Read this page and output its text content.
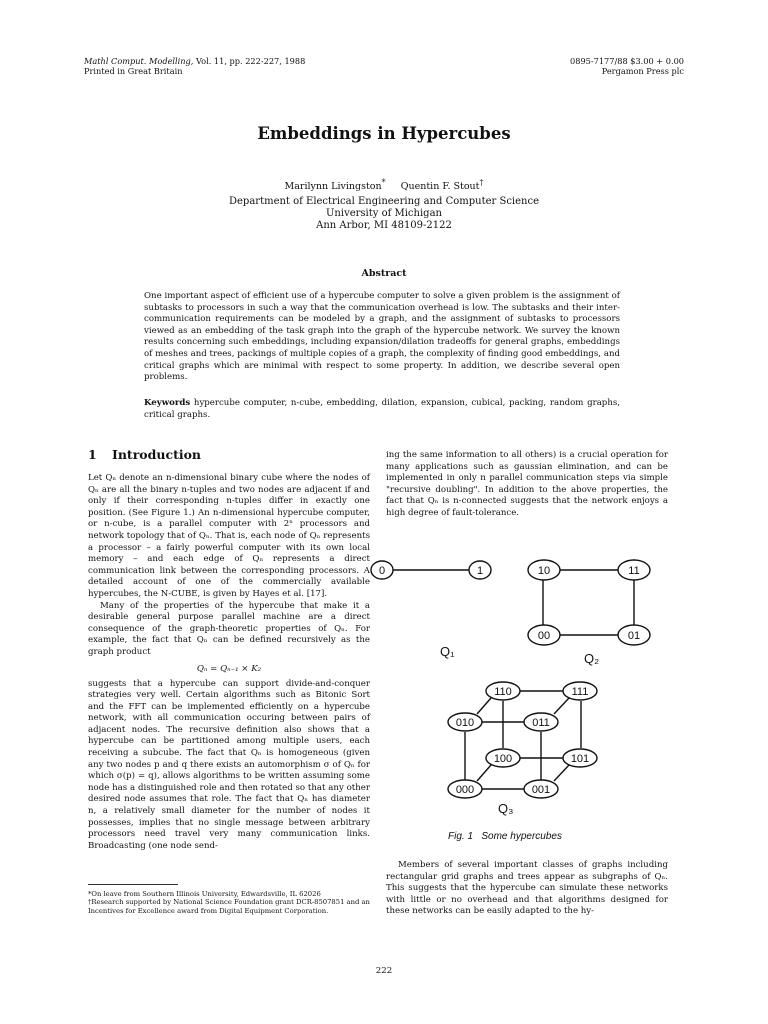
Mathl Comput. Modelling, Vol. 11, pp. 222-227, 1988
Printed in Great Britain
0895-7177/88 $3.00 + 0.00
Pergamon Press plc
Embeddings in Hypercubes
Marilynn Livingston* Quentin F. Stout†
Department of Electrical Engineering and Computer Science
University of Michigan
Ann Arbor, MI 48109-2122
Abstract
One important aspect of efficient use of a hypercube computer to solve a given problem is the assignment of subtasks to processors in such a way that the communication overhead is low. The subtasks and their inter-communication requirements can be modeled by a graph, and the assignment of subtasks to processors viewed as an embedding of the task graph into the graph of the hypercube network. We survey the known results concerning such embeddings, including expansion/dilation tradeoffs for general graphs, embeddings of meshes and trees, packings of multiple copies of a graph, the complexity of finding good embeddings, and critical graphs which are minimal with respect to some property. In addition, we describe several open problems.
Keywords hypercube computer, n-cube, embedding, dilation, expansion, cubical, packing, random graphs, critical graphs.
1 Introduction
Let Qₙ denote an n-dimensional binary cube where the nodes of Qₙ are all the binary n-tuples and two nodes are adjacent if and only if their corresponding n-tuples differ in exactly one position. (See Figure 1.) An n-dimensional hypercube computer, or n-cube, is a parallel computer with 2ⁿ processors and network topology that of Qₙ. That is, each node of Qₙ represents a processor – a fairly powerful computer with its own local memory – and each edge of Qₙ represents a direct communication link between the corresponding processors. A detailed account of one of the commercially available hypercubes, the N-CUBE, is given by Hayes et al. [17].
Many of the properties of the hypercube that make it a desirable general purpose parallel machine are a direct consequence of the graph-theoretic properties of Qₙ. For example, the fact that Qₙ can be defined recursively as the graph product
Qₙ = Qₙ₋₁ × K₂
suggests that a hypercube can support divide-and-conquer strategies very well. Certain algorithms such as Bitonic Sort and the FFT can be implemented efficiently on a hypercube network, with all communication occuring between pairs of adjacent nodes. The recursive definition also shows that a hypercube can be partitioned among multiple users, each receiving a subcube. The fact that Qₙ is homogeneous (given any two nodes p and q there exists an automorphism σ of Qₙ for which σ(p) = q), allows algorithms to be written assuming some node has a distinguished role and then rotated so that any other desired node assumes that role. The fact that Qₙ has diameter n, a relatively small diameter for the number of nodes it possesses, implies that no single message between arbitrary processors need travel very many communication links. Broadcasting (one node send-
*On leave from Southern Illinois University, Edwardsville, IL 62026
†Research supported by National Science Foundation grant DCR-8507851 and an Incentives for Excellence award from Digital Equipment Corporation.
ing the same information to all others) is a crucial operation for many applications such as gaussian elimination, and can be implemented in only n parallel communication steps via simple "recursive doubling". In addition to the above properties, the fact that Qₙ is n-connected suggests that the network enjoys a high degree of fault-tolerance.
0	1	10	11
00	01
110	111
010	011
100	101
000	001
Q₁	Q₂
Q₃
Fig. 1 Some hypercubes
Members of several important classes of graphs including rectangular grid graphs and trees appear as subgraphs of Qₙ. This suggests that the hypercube can simulate these networks with little or no overhead and that algorithms designed for these networks can be easily adapted to the hy-
222
